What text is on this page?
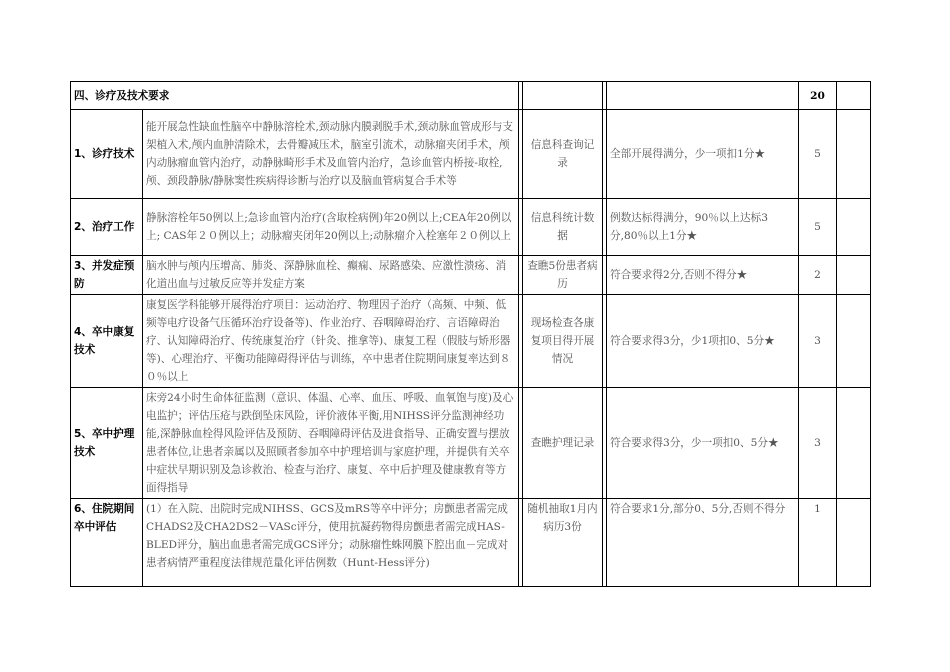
四、诊疗及技术要求						20	
1、诊疗技术	能开展急性缺血性脑卒中静脉溶栓术,颈动脉内膜剥脱手术,颈动脉血管成形与支架植入术,颅内血肿清除术，去骨瓣减压术，脑室引流术，动脉瘤夹闭手术，颅内动脉瘤血管内治疗，动静脉畸形手术及血管内治疗，急诊血管内桥接-取栓,颅、颈段静脉/静脉窦性疾病得诊断与治疗以及脑血管病复合手术等		信息科查询记录		全部开展得满分，少一项扣1分★	5	
2、治疗工作	静脉溶栓年50例以上;急诊血管内治疗(含取栓病例)年20例以上;CEA年20例以上; CAS年２０例以上；动脉瘤夹闭年20例以上;动脉瘤介入栓塞年２０例以上		信息科统计数据		例数达标得满分，90％以上达标3分,80％以上1分★	5	
3、并发症预防	脑水肿与颅内压增高、肺炎、深静脉血栓、癫痫、尿路感染、应激性溃疡、消化道出血与过敏反应等并发症方案		查瞧5份患者病历		符合要求得2分,否则不得分★	2	
4、卒中康复技术	康复医学科能够开展得治疗项目：运动治疗、物理因子治疗（高频、中频、低频等电疗设备气压循环治疗设备等)、作业治疗、吞咽障碍治疗、言语障碍治疗、认知障碍治疗、传统康复治疗（针灸、推拿等)、康复工程（假肢与矫形器等)、心理治疗、平衡功能障碍得评估与训练，卒中患者住院期间康复率达到８０％以上		现场检查各康复项目得开展情况		符合要求得3分，少1项扣0、5分★	3	
5、卒中护理技术	床旁24小时生命体征监测（意识、体温、心率、血压、呼吸、血氧饱与度)及心电监护；评估压疮与跌倒坠床风险，评价液体平衡,用NIHSS评分监测神经功能,深静脉血栓得风险评估及预防、吞咽障碍评估及进食指导、正确安置与摆放患者体位,让患者亲属以及照顾者参加卒中护理培训与家庭护理，并提供有关卒中症状早期识别及急诊救治、检查与治疗、康复、卒中后护理及健康教育等方面得指导		查瞧护理记录		符合要求得3分，少一项扣0、5分★	3	
6、住院期间卒中评估	(1）在入院、出院时完成NIHSS、GCS及mRS等卒中评分；房颤患者需完成CHADS2及CHA2DS2－VASc评分，使用抗凝药物得房颤患者需完成HAS-BLED评分，脑出血患者需完成GCS评分；动脉瘤性蛛网膜下腔出血－完成对患者病情严重程度法律规范量化评估例数（Hunt-Hess评分)		随机抽取1月内病历3份		符合要求1分,部分0、5分,否则不得分	1	
